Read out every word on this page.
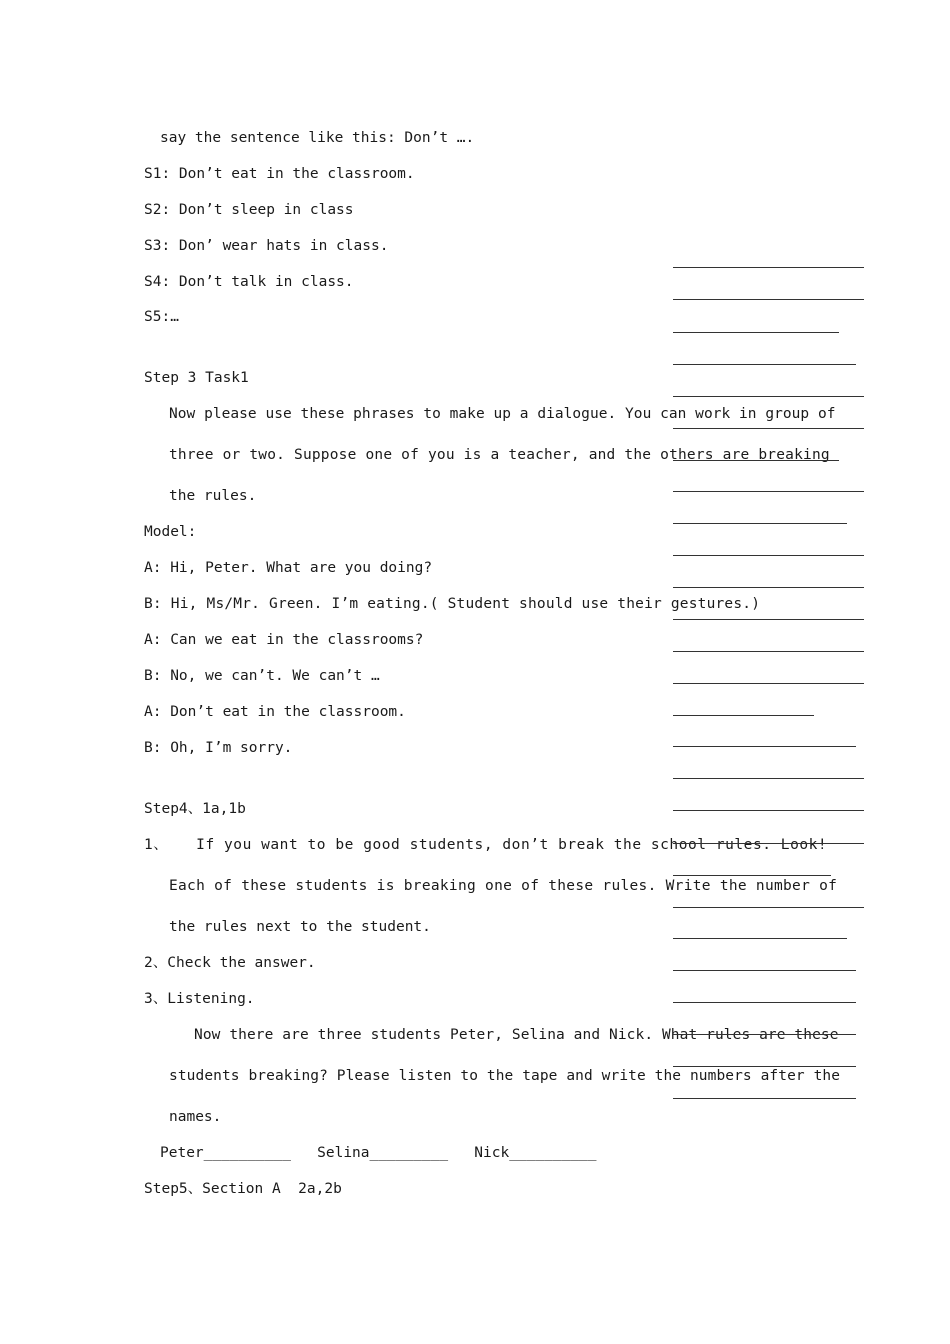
say the sentence like this: Don’t ….
S1: Don’t eat in the classroom.
S2: Don’t sleep in class
S3: Don’ wear hats in class.
S4: Don’t talk in class.
S5:…
Step 3 Task1
Now please use these phrases to make up a dialogue. You can work in group of
three or two. Suppose one of you is a teacher, and the others are breaking
the rules.
Model:
A: Hi, Peter. What are you doing?
B: Hi, Ms/Mr. Green. I’m eating.( Student should use their gestures.)
A: Can we eat in the classrooms?
B: No, we can’t. We can’t …
A: Don’t eat in the classroom.
B: Oh, I’m sorry.
Step4、1a,1b
1、   If you want to be good students, don’t break the school rules. Look!
Each of these students is breaking one of these rules. Write the number of
the rules next to the student.
2、Check the answer.
3、Listening.
Now there are three students Peter, Selina and Nick. What rules are these
students breaking? Please listen to the tape and write the numbers after the
names.
Peter__________   Selina_________   Nick__________
Step5、Section A  2a,2b
